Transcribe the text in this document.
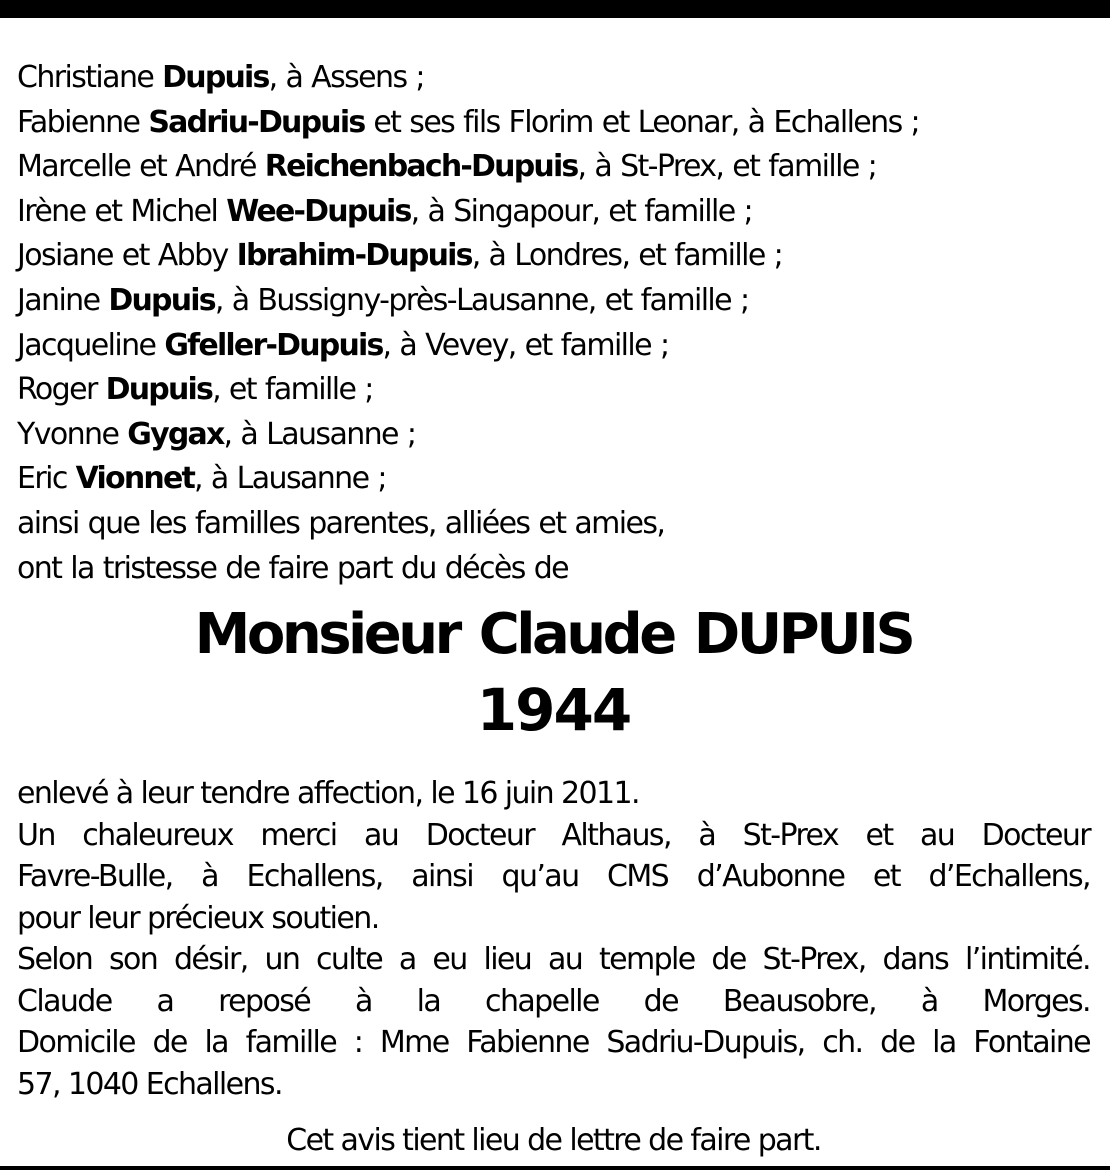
Christiane Dupuis, à Assens ;
Fabienne Sadriu-Dupuis et ses fils Florim et Leonar, à Echallens ;
Marcelle et André Reichenbach-Dupuis, à St-Prex, et famille ;
Irène et Michel Wee-Dupuis, à Singapour, et famille ;
Josiane et Abby Ibrahim-Dupuis, à Londres, et famille ;
Janine Dupuis, à Bussigny-près-Lausanne, et famille ;
Jacqueline Gfeller-Dupuis, à Vevey, et famille ;
Roger Dupuis, et famille ;
Yvonne Gygax, à Lausanne ;
Eric Vionnet, à Lausanne ;
ainsi que les familles parentes, alliées et amies,
ont la tristesse de faire part du décès de
Monsieur Claude DUPUIS
1944
enlevé à leur tendre affection, le 16 juin 2011.
Un chaleureux merci au Docteur Althaus, à St-Prex et au Docteur
Favre-Bulle, à Echallens, ainsi qu’au CMS d’Aubonne et d’Echallens,
pour leur précieux soutien.
Selon son désir, un culte a eu lieu au temple de St-Prex, dans l’intimité.
Claude a reposé à la chapelle de Beausobre, à Morges.
Domicile de la famille : Mme Fabienne Sadriu-Dupuis, ch. de la Fontaine
57, 1040 Echallens.
Cet avis tient lieu de lettre de faire part.
